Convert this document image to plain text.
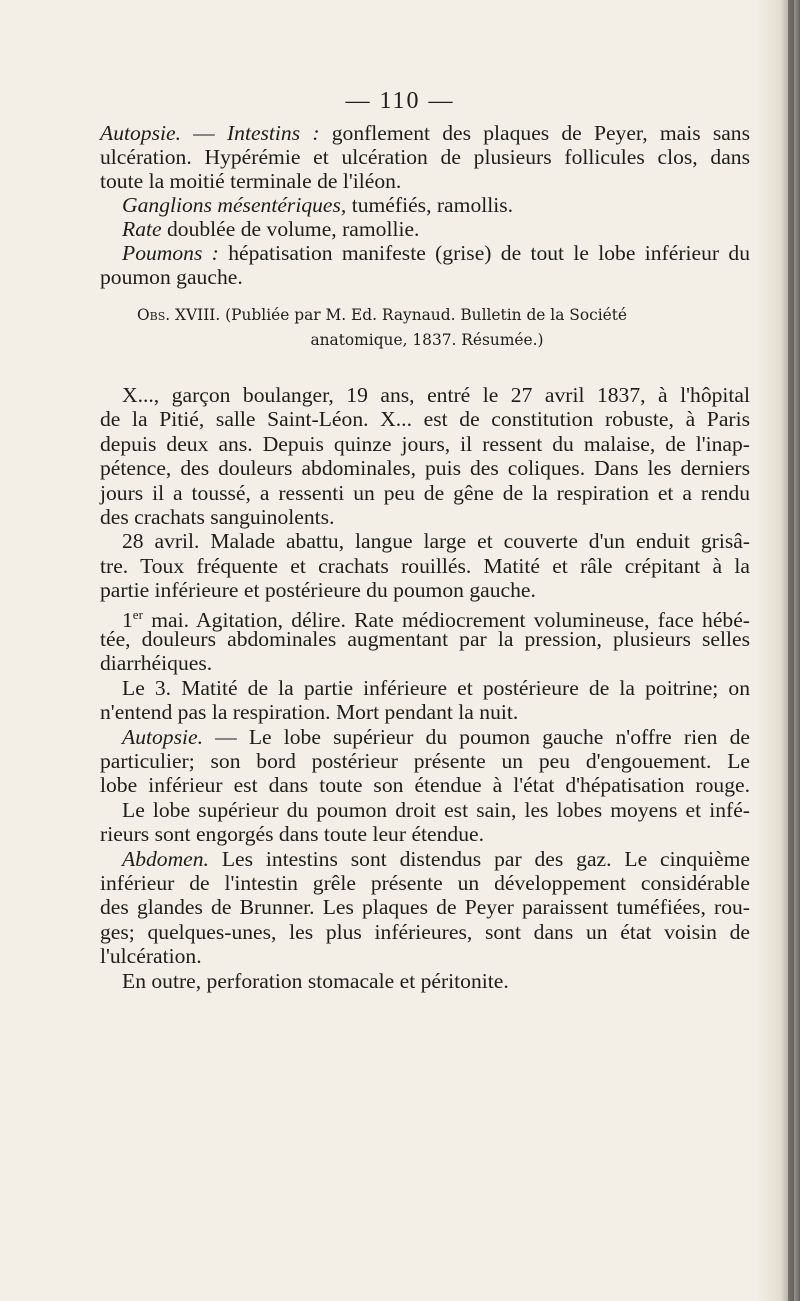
— 110 —
Autopsie. — Intestins : gonflement des plaques de Peyer, mais sans
ulcération. Hypérémie et ulcération de plusieurs follicules clos, dans
toute la moitié terminale de l'iléon.
Ganglions mésentériques, tuméfiés, ramollis.
Rate doublée de volume, ramollie.
Poumons : hépatisation manifeste (grise) de tout le lobe inférieur du
poumon gauche.
Obs. XVIII. (Publiée par M. Ed. Raynaud. Bulletin de la Société
anatomique, 1837. Résumée.)
X..., garçon boulanger, 19 ans, entré le 27 avril 1837, à l'hôpital
de la Pitié, salle Saint-Léon. X... est de constitution robuste, à Paris
depuis deux ans. Depuis quinze jours, il ressent du malaise, de l'inap-
pétence, des douleurs abdominales, puis des coliques. Dans les derniers
jours il a toussé, a ressenti un peu de gêne de la respiration et a rendu
des crachats sanguinolents.
28 avril. Malade abattu, langue large et couverte d'un enduit grisâ-
tre. Toux fréquente et crachats rouillés. Matité et râle crépitant à la
partie inférieure et postérieure du poumon gauche.
1er mai. Agitation, délire. Rate médiocrement volumineuse, face hébé-
tée, douleurs abdominales augmentant par la pression, plusieurs selles
diarrhéiques.
Le 3. Matité de la partie inférieure et postérieure de la poitrine; on
n'entend pas la respiration. Mort pendant la nuit.
Autopsie. — Le lobe supérieur du poumon gauche n'offre rien de
particulier; son bord postérieur présente un peu d'engouement. Le
lobe inférieur est dans toute son étendue à l'état d'hépatisation rouge.
Le lobe supérieur du poumon droit est sain, les lobes moyens et infé-
rieurs sont engorgés dans toute leur étendue.
Abdomen. Les intestins sont distendus par des gaz. Le cinquième
inférieur de l'intestin grêle présente un développement considérable
des glandes de Brunner. Les plaques de Peyer paraissent tuméfiées, rou-
ges; quelques-unes, les plus inférieures, sont dans un état voisin de
l'ulcération.
En outre, perforation stomacale et péritonite.
